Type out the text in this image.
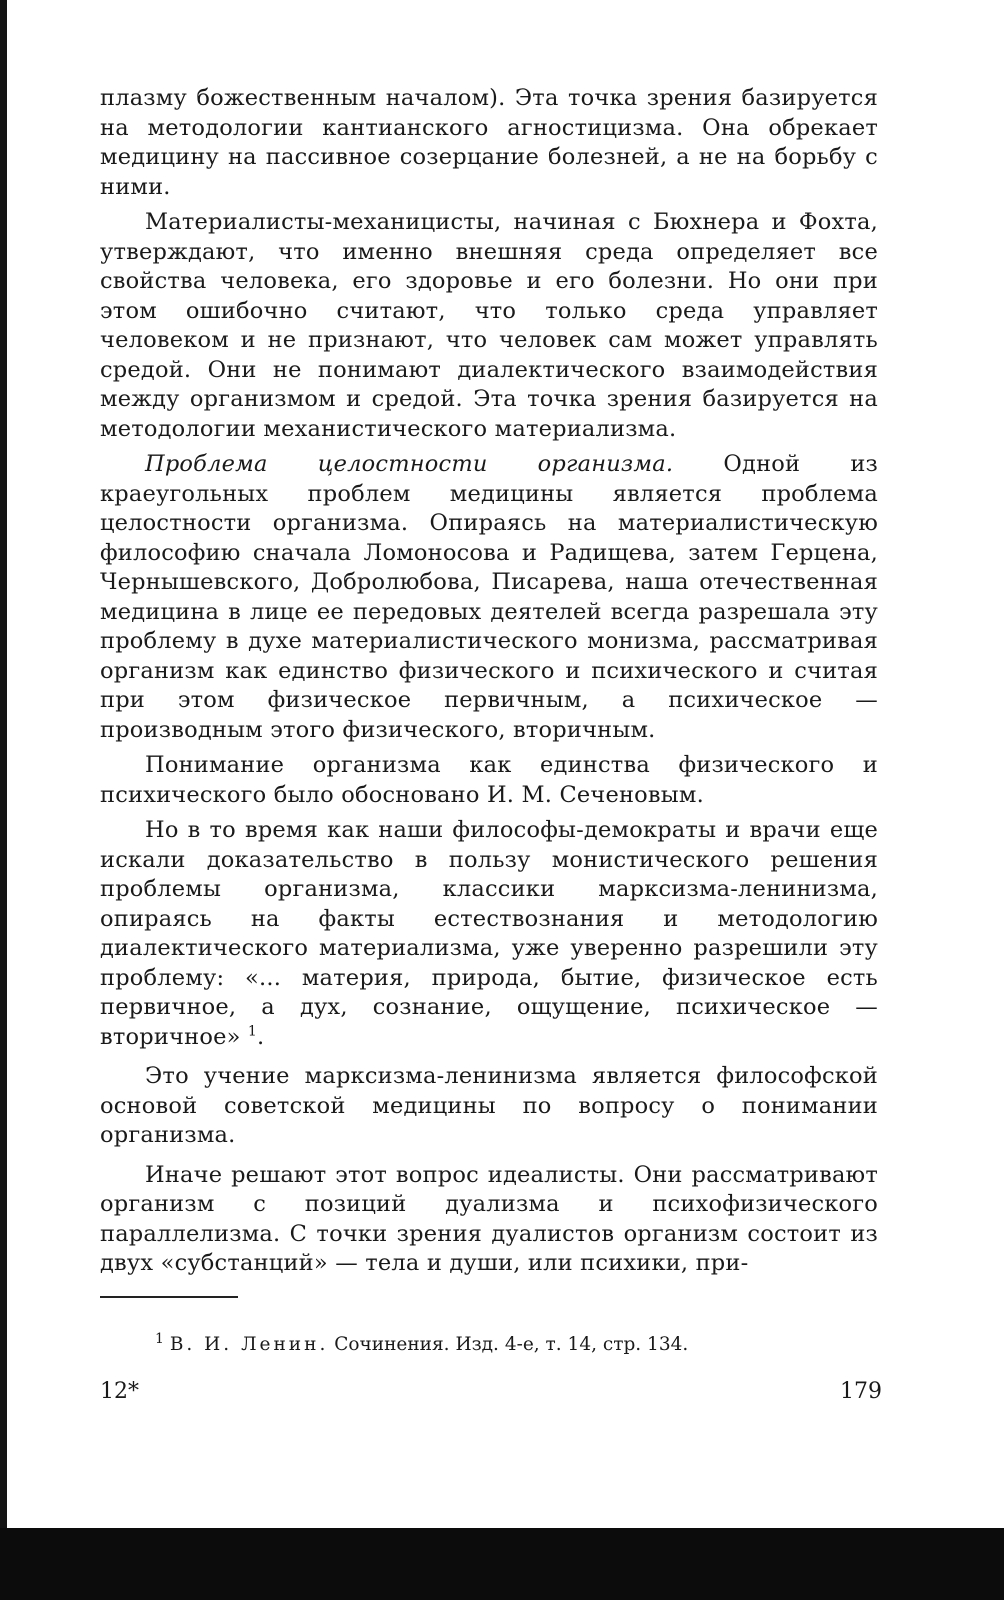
плазму божественным началом). Эта точка зрения базируется на методологии кантианского агностицизма. Она обрекает медицину на пассивное созерцание болезней, а не на борьбу с ними.

Материалисты-механицисты, начиная с Бюхнера и Фохта, утверждают, что именно внешняя среда определяет все свойства человека, его здоровье и его болезни. Но они при этом ошибочно считают, что только среда управляет человеком и не признают, что человек сам может управлять средой. Они не понимают диалектического взаимодействия между организмом и средой. Эта точка зрения базируется на методологии механистического материализма.

Проблема целостности организма. Одной из краеугольных проблем медицины является проблема целостности организма. Опираясь на материалистическую философию сначала Ломоносова и Радищева, затем Герцена, Чернышевского, Добролюбова, Писарева, наша отечественная медицина в лице ее передовых деятелей всегда разрешала эту проблему в духе материалистического монизма, рассматривая организм как единство физического и психического и считая при этом физическое первичным, а психическое — производным этого физического, вторичным.

Понимание организма как единства физического и психического было обосновано И. М. Сеченовым.

Но в то время как наши философы-демократы и врачи еще искали доказательство в пользу монистического решения проблемы организма, классики марксизма-ленинизма, опираясь на факты естествознания и методологию диалектического материализма, уже уверенно разрешили эту проблему: «... материя, природа, бытие, физическое есть первичное, а дух, сознание, ощущение, психическое — вторичное» $^1$.

Это учение марксизма-ленинизма является философской основой советской медицины по вопросу о понимании организма.

Иначе решают этот вопрос идеалисты. Они рассматривают организм с позиций дуализма и психофизического параллелизма. С точки зрения дуалистов организм состоит из двух «субстанций» — тела и души, или психики, при-

$^1$ В. И. Ленин. Сочинения. Изд. 4-е, т. 14, стр. 134.
12*	179
